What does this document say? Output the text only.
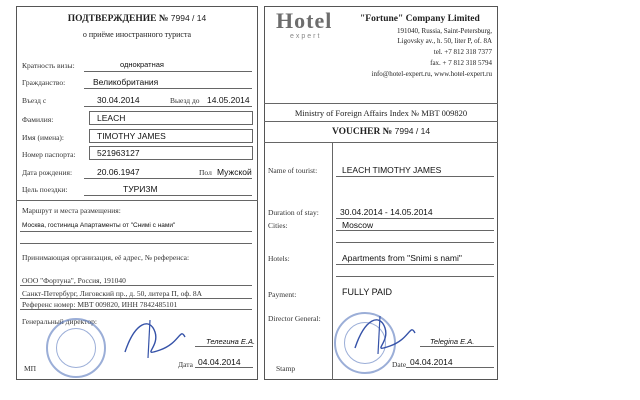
ПОДТВЕРЖДЕНИЕ № 7994 / 14
о приёме иностранного туриста
Кратность визы:	однократная
Гражданство:	Великобритания
Въезд с	30.04.2014	Выезд до 14.05.2014
Фамилия:	LEACH
Имя (имена):	TIMOTHY JAMES
Номер паспорта:	521963127
Дата рождения:	20.06.1947	Пол Мужской
Цель поездки:	ТУРИЗМ
Маршрут и места размещения:
Москва, гостиница Апартаменты от "Снимi с нами"
Принимающая организация, её адрес, № референса:
ООО "Фортуна", Россия, 191040
Санкт-Петербург, Лиговский пр., д. 50, литера П, оф. 8А
Референс номер: MBT 009820, ИНН 7842485101
Генеральный директор:
Телегина Е.А.
МП	Дата 04.04.2014
Hotel
expert
"Fortune" Company Limited
191040, Russia, Saint-Petersburg,
Ligovsky av., h. 50, liter P, of. 8A
tel. +7 812 318 7377
fax. + 7 812 318 5794
info@hotel-expert.ru, www.hotel-expert.ru
Ministry of Foreign Affairs Index № MBT 009820
VOUCHER № 7994 / 14
Name of tourist:	LEACH TIMOTHY JAMES
Duration of stay: 30.04.2014 - 14.05.2014
Cities:	Moscow
Hotels:	Apartments from "Snimi s nami"
Payment:	FULLY PAID
Director General:
Telegina E.A.
Stamp	Date 04.04.2014
